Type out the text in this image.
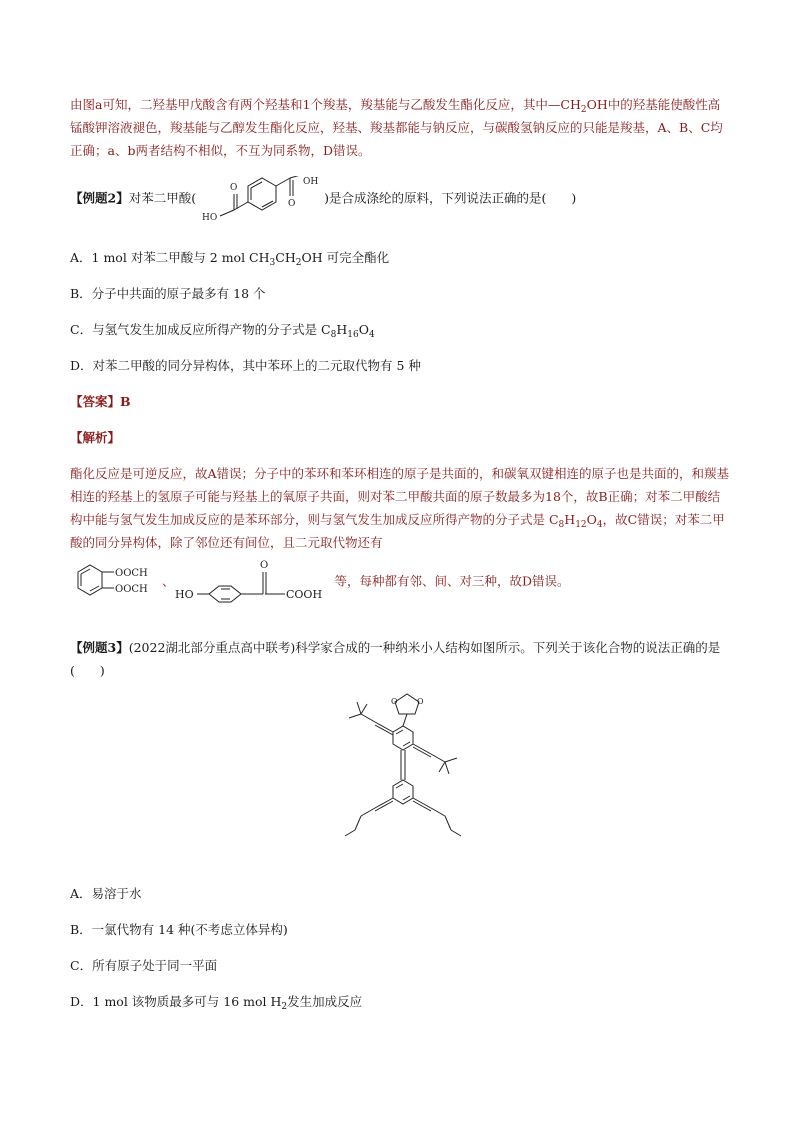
由图a可知，二羟基甲戊酸含有两个羟基和1个羧基，羧基能与乙酸发生酯化反应，其中$—CH_2OH$中的羟基能使酸性高锰酸钾溶液褪色，羧基能与乙醇发生酯化反应，羟基、羧基都能与钠反应，与碳酸氢钠反应的只能是羧基，A、B、C均正确；a、b两者结构不相似，不互为同系物，D错误。
【例题2】对苯二甲酸(
O
HO
O
OH
)是合成涤纶的原料，下列说法正确的是(　　)
A．1 mol 对苯二甲酸与 2 mol $CH_3CH_2OH$ 可完全酯化
B．分子中共面的原子最多有 18 个
C．与氢气发生加成反应所得产物的分子式是 $C_8H_{16}O_4$
D．对苯二甲酸的同分异构体，其中苯环上的二元取代物有 5 种
【答案】B
【解析】
酯化反应是可逆反应，故A错误；分子中的苯环和苯环相连的原子是共面的，和碳氧双键相连的原子也是共面的，和羰基相连的羟基上的氢原子可能与羟基上的氧原子共面，则对苯二甲酸共面的原子数最多为18个，故B正确；对苯二甲酸结构中能与氢气发生加成反应的是苯环部分，则与氢气发生加成反应所得产物的分子式是 $C_8H_{12}O_4$，故C错误；对苯二甲酸的同分异构体，除了邻位还有间位，且二元取代物还有
OOCH
OOCH
、
HO
O
COOH
等，每种都有邻、间、对三种，故D错误。
【例题3】(2022湖北部分重点高中联考)科学家合成的一种纳米小人结构如图所示。下列关于该化合物的说法正确的是(　　)
O O
A．易溶于水
B．一氯代物有 14 种(不考虑立体异构)
C．所有原子处于同一平面
D．1 mol 该物质最多可与 16 mol $H_2$发生加成反应
